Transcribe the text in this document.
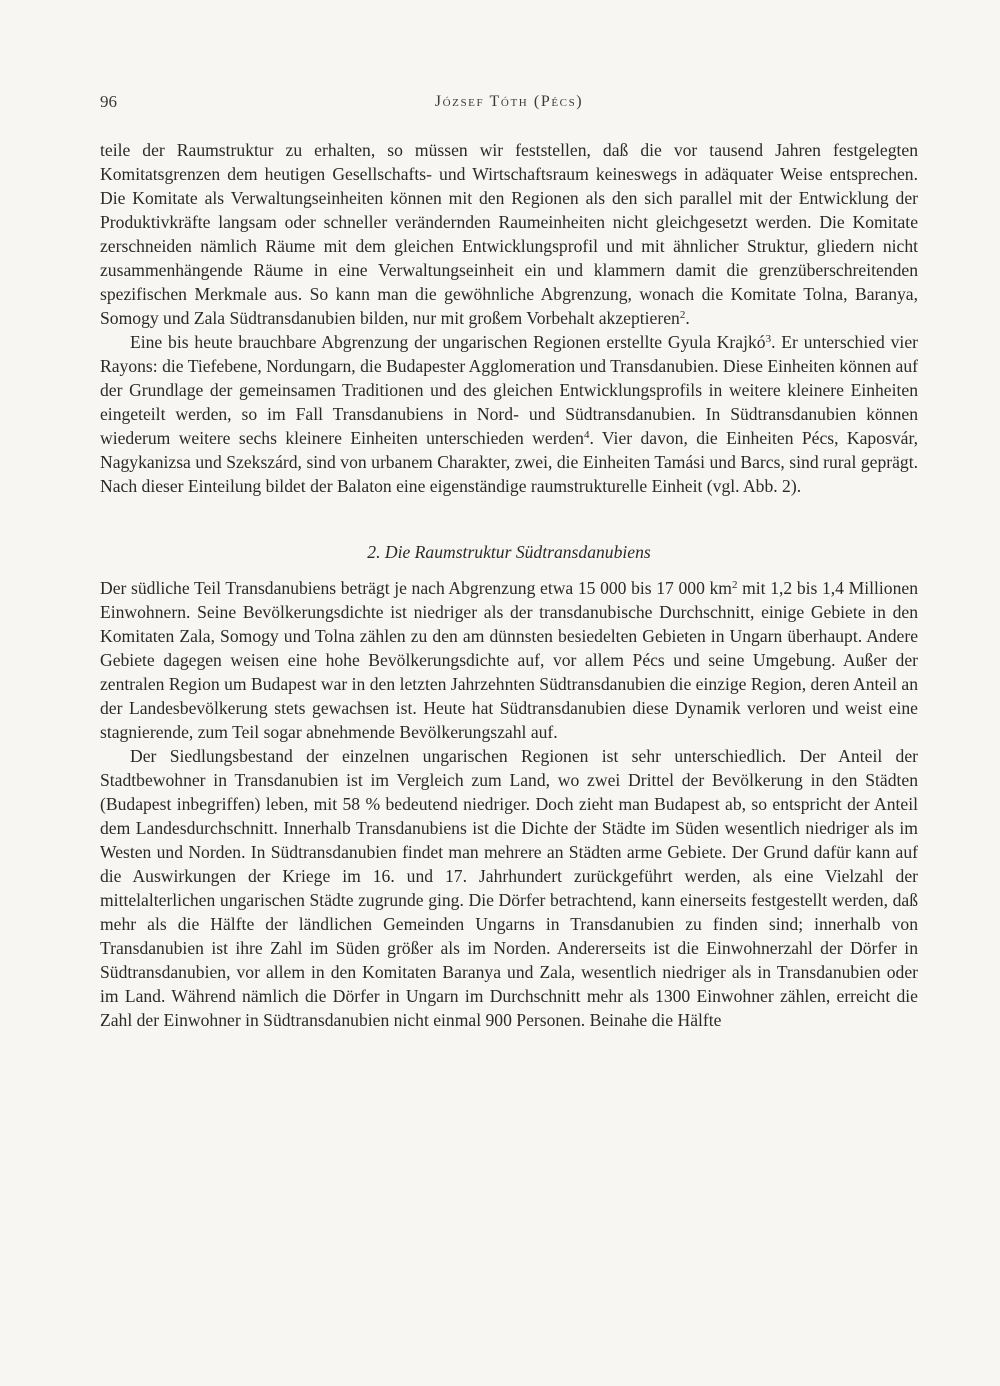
96	József Tóth (Pécs)

teile der Raumstruktur zu erhalten, so müssen wir feststellen, daß die vor tausend Jahren festgelegten Komitatsgrenzen dem heutigen Gesellschafts- und Wirtschaftsraum keineswegs in adäquater Weise entsprechen. Die Komitate als Verwaltungseinheiten können mit den Regionen als den sich parallel mit der Entwicklung der Produktivkräfte langsam oder schneller verändernden Raumeinheiten nicht gleichgesetzt werden. Die Komitate zerschneiden nämlich Räume mit dem gleichen Entwicklungsprofil und mit ähnlicher Struktur, gliedern nicht zusammenhängende Räume in eine Verwaltungseinheit ein und klammern damit die grenzüberschreitenden spezifischen Merkmale aus. So kann man die gewöhnliche Abgrenzung, wonach die Komitate Tolna, Baranya, Somogy und Zala Südtransdanubien bilden, nur mit großem Vorbehalt akzeptieren$^2$.

Eine bis heute brauchbare Abgrenzung der ungarischen Regionen erstellte Gyula Krajkó$^3$. Er unterschied vier Rayons: die Tiefebene, Nordungarn, die Budapester Agglomeration und Transdanubien. Diese Einheiten können auf der Grundlage der gemeinsamen Traditionen und des gleichen Entwicklungsprofils in weitere kleinere Einheiten eingeteilt werden, so im Fall Transdanubiens in Nord- und Südtransdanubien. In Südtransdanubien können wiederum weitere sechs kleinere Einheiten unterschieden werden$^4$. Vier davon, die Einheiten Pécs, Kaposvár, Nagykanizsa und Szekszárd, sind von urbanem Charakter, zwei, die Einheiten Tamási und Barcs, sind rural geprägt. Nach dieser Einteilung bildet der Balaton eine eigenständige raumstrukturelle Einheit (vgl. Abb. 2).

2. Die Raumstruktur Südtransdanubiens

Der südliche Teil Transdanubiens beträgt je nach Abgrenzung etwa 15 000 bis 17 000 $km^2$ mit 1,2 bis 1,4 Millionen Einwohnern. Seine Bevölkerungsdichte ist niedriger als der transdanubische Durchschnitt, einige Gebiete in den Komitaten Zala, Somogy und Tolna zählen zu den am dünnsten besiedelten Gebieten in Ungarn überhaupt. Andere Gebiete dagegen weisen eine hohe Bevölkerungsdichte auf, vor allem Pécs und seine Umgebung. Außer der zentralen Region um Budapest war in den letzten Jahrzehnten Südtransdanubien die einzige Region, deren Anteil an der Landesbevölkerung stets gewachsen ist. Heute hat Südtransdanubien diese Dynamik verloren und weist eine stagnierende, zum Teil sogar abnehmende Bevölkerungszahl auf.

Der Siedlungsbestand der einzelnen ungarischen Regionen ist sehr unterschiedlich. Der Anteil der Stadtbewohner in Transdanubien ist im Vergleich zum Land, wo zwei Drittel der Bevölkerung in den Städten (Budapest inbegriffen) leben, mit 58 % bedeutend niedriger. Doch zieht man Budapest ab, so entspricht der Anteil dem Landesdurchschnitt. Innerhalb Transdanubiens ist die Dichte der Städte im Süden wesentlich niedriger als im Westen und Norden. In Südtransdanubien findet man mehrere an Städten arme Gebiete. Der Grund dafür kann auf die Auswirkungen der Kriege im 16. und 17. Jahrhundert zurückgeführt werden, als eine Vielzahl der mittelalterlichen ungarischen Städte zugrunde ging. Die Dörfer betrachtend, kann einerseits festgestellt werden, daß mehr als die Hälfte der ländlichen Gemeinden Ungarns in Transdanubien zu finden sind; innerhalb von Transdanubien ist ihre Zahl im Süden größer als im Norden. Andererseits ist die Einwohnerzahl der Dörfer in Südtransdanubien, vor allem in den Komitaten Baranya und Zala, wesentlich niedriger als in Transdanubien oder im Land. Während nämlich die Dörfer in Ungarn im Durchschnitt mehr als 1300 Einwohner zählen, erreicht die Zahl der Einwohner in Südtransdanubien nicht einmal 900 Personen. Beinahe die Hälfte
